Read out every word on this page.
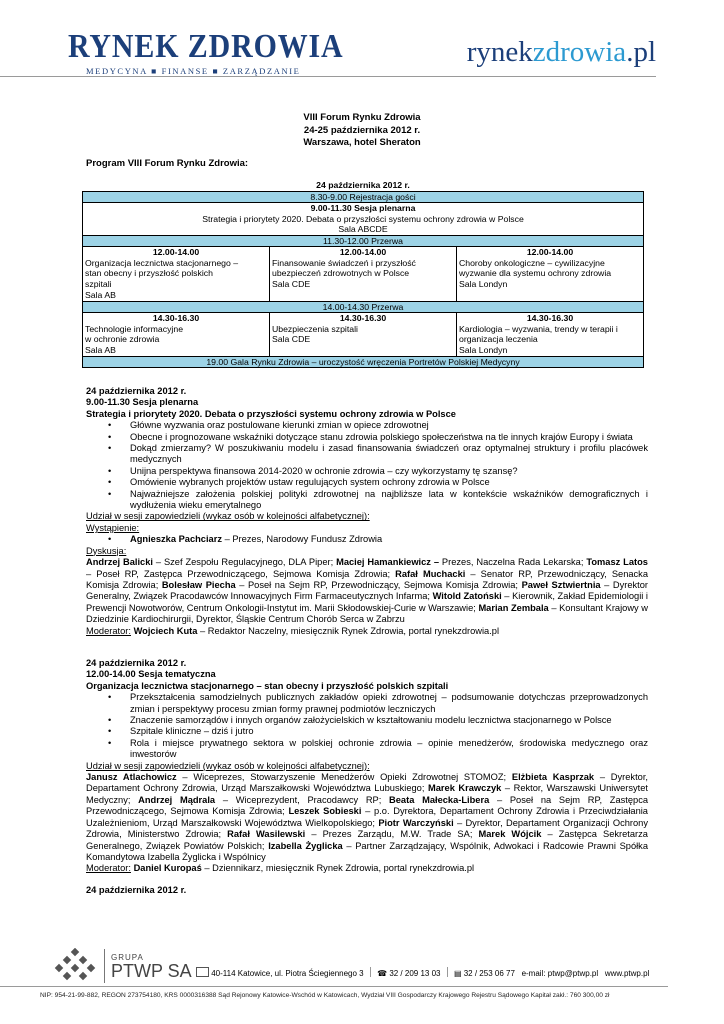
RYNEK ZDROWIA
MEDYCYNA ■ FINANSE ■ ZARZĄDZANIE
rynekzdrowia.pl
VIII Forum Rynku Zdrowia
24-25 października 2012 r.
Warszawa, hotel Sheraton
Program VIII Forum Rynku Zdrowia:
24 października 2012 r.
8.30-9.00 Rejestracja gości
9.00-11.30 Sesja plenarna
Strategia i priorytety 2020. Debata o przyszłości systemu ochrony zdrowia w Polsce
Sala ABCDE
11.30-12.00 Przerwa
12.00-14.00
Organizacja lecznictwa stacjonarnego –
stan obecny i przyszłość polskich
szpitali
Sala AB
12.00-14.00
Finansowanie świadczeń i przyszłość
ubezpieczeń zdrowotnych w Polsce
Sala CDE
12.00-14.00
Choroby onkologiczne – cywilizacyjne
wyzwanie dla systemu ochrony zdrowia
Sala Londyn
14.00-14.30 Przerwa
14.30-16.30
Technologie informacyjne
w ochronie zdrowia
Sala AB
14.30-16.30
Ubezpieczenia szpitali
Sala CDE
14.30-16.30
Kardiologia – wyzwania, trendy w terapii i
organizacja leczenia
Sala Londyn
19.00 Gala Rynku Zdrowia – uroczystość wręczenia Portretów Polskiej Medycyny
24 października 2012 r.
9.00-11.30 Sesja plenarna
Strategia i priorytety 2020. Debata o przyszłości systemu ochrony zdrowia w Polsce
• Główne wyzwania oraz postulowane kierunki zmian w opiece zdrowotnej
• Obecne i prognozowane wskaźniki dotyczące stanu zdrowia polskiego społeczeństwa na tle innych krajów Europy i świata
• Dokąd zmierzamy? W poszukiwaniu modelu i zasad finansowania świadczeń oraz optymalnej struktury i profilu placówek medycznych
• Unijna perspektywa finansowa 2014-2020 w ochronie zdrowia – czy wykorzystamy tę szansę?
• Omówienie wybranych projektów ustaw regulujących system ochrony zdrowia w Polsce
• Najważniejsze założenia polskiej polityki zdrowotnej na najbliższe lata w kontekście wskaźników demograficznych i wydłużenia wieku emerytalnego
Udział w sesji zapowiedzieli (wykaz osób w kolejności alfabetycznej):
Wystąpienie:
• Agnieszka Pachciarz – Prezes, Narodowy Fundusz Zdrowia
Dyskusja:
Andrzej Balicki – Szef Zespołu Regulacyjnego, DLA Piper; Maciej Hamankiewicz – Prezes, Naczelna Rada Lekarska; Tomasz Latos – Poseł RP, Zastępca Przewodniczącego, Sejmowa Komisja Zdrowia; Rafał Muchacki – Senator RP, Przewodniczący, Senacka Komisja Zdrowia; Bolesław Piecha – Poseł na Sejm RP, Przewodniczący, Sejmowa Komisja Zdrowia; Paweł Sztwiertnia – Dyrektor Generalny, Związek Pracodawców Innowacyjnych Firm Farmaceutycznych Infarma; Witold Zatoński – Kierownik, Zakład Epidemiologii i Prewencji Nowotworów, Centrum Onkologii-Instytut im. Marii Skłodowskiej-Curie w Warszawie; Marian Zembala – Konsultant Krajowy w Dziedzinie Kardiochirurgii, Dyrektor, Śląskie Centrum Chorób Serca w Zabrzu
Moderator: Wojciech Kuta – Redaktor Naczelny, miesięcznik Rynek Zdrowia, portal rynekzdrowia.pl
24 października 2012 r.
12.00-14.00 Sesja tematyczna
Organizacja lecznictwa stacjonarnego – stan obecny i przyszłość polskich szpitali
• Przekształcenia samodzielnych publicznych zakładów opieki zdrowotnej – podsumowanie dotychczas przeprowadzonych zmian i perspektywy procesu zmian formy prawnej podmiotów leczniczych
• Znaczenie samorządów i innych organów założycielskich w kształtowaniu modelu lecznictwa stacjonarnego w Polsce
• Szpitale kliniczne – dziś i jutro
• Rola i miejsce prywatnego sektora w polskiej ochronie zdrowia – opinie menedżerów, środowiska medycznego oraz inwestorów
Udział w sesji zapowiedzieli (wykaz osób w kolejności alfabetycznej):
Janusz Atlachowicz – Wiceprezes, Stowarzyszenie Menedżerów Opieki Zdrowotnej STOMOZ; Elżbieta Kasprzak – Dyrektor, Departament Ochrony Zdrowia, Urząd Marszałkowski Województwa Lubuskiego; Marek Krawczyk – Rektor, Warszawski Uniwersytet Medyczny; Andrzej Mądrala – Wiceprezydent, Pracodawcy RP; Beata Małecka-Libera – Poseł na Sejm RP, Zastępca Przewodniczącego, Sejmowa Komisja Zdrowia; Leszek Sobieski – p.o. Dyrektora, Departament Ochrony Zdrowia i Przeciwdziałania Uzależnieniom, Urząd Marszałkowski Województwa Wielkopolskiego; Piotr Warczyński – Dyrektor, Departament Organizacji Ochrony Zdrowia, Ministerstwo Zdrowia; Rafał Wasilewski – Prezes Zarządu, M.W. Trade SA; Marek Wójcik – Zastępca Sekretarza Generalnego, Związek Powiatów Polskich; Izabella Żyglicka – Partner Zarządzający, Wspólnik, Adwokaci i Radcowie Prawni Spółka Komandytowa Izabella Żyglicka i Wspólnicy
Moderator: Daniel Kuropaś – Dziennikarz, miesięcznik Rynek Zdrowia, portal rynekzdrowia.pl
24 października 2012 r.
GRUPA
PTWP SA	40-114 Katowice, ul. Piotra Ściegiennego 3 ☎ 32 / 209 13 03 ▤ 32 / 253 06 77 e-mail: ptwp@ptwp.pl www.ptwp.pl
NIP: 954-21-99-882, REGON 273754180, KRS 0000316388 Sąd Rejonowy Katowice-Wschód w Katowicach, Wydział VIII Gospodarczy Krajowego Rejestru Sądowego Kapitał zakł.: 760 300,00 zł
